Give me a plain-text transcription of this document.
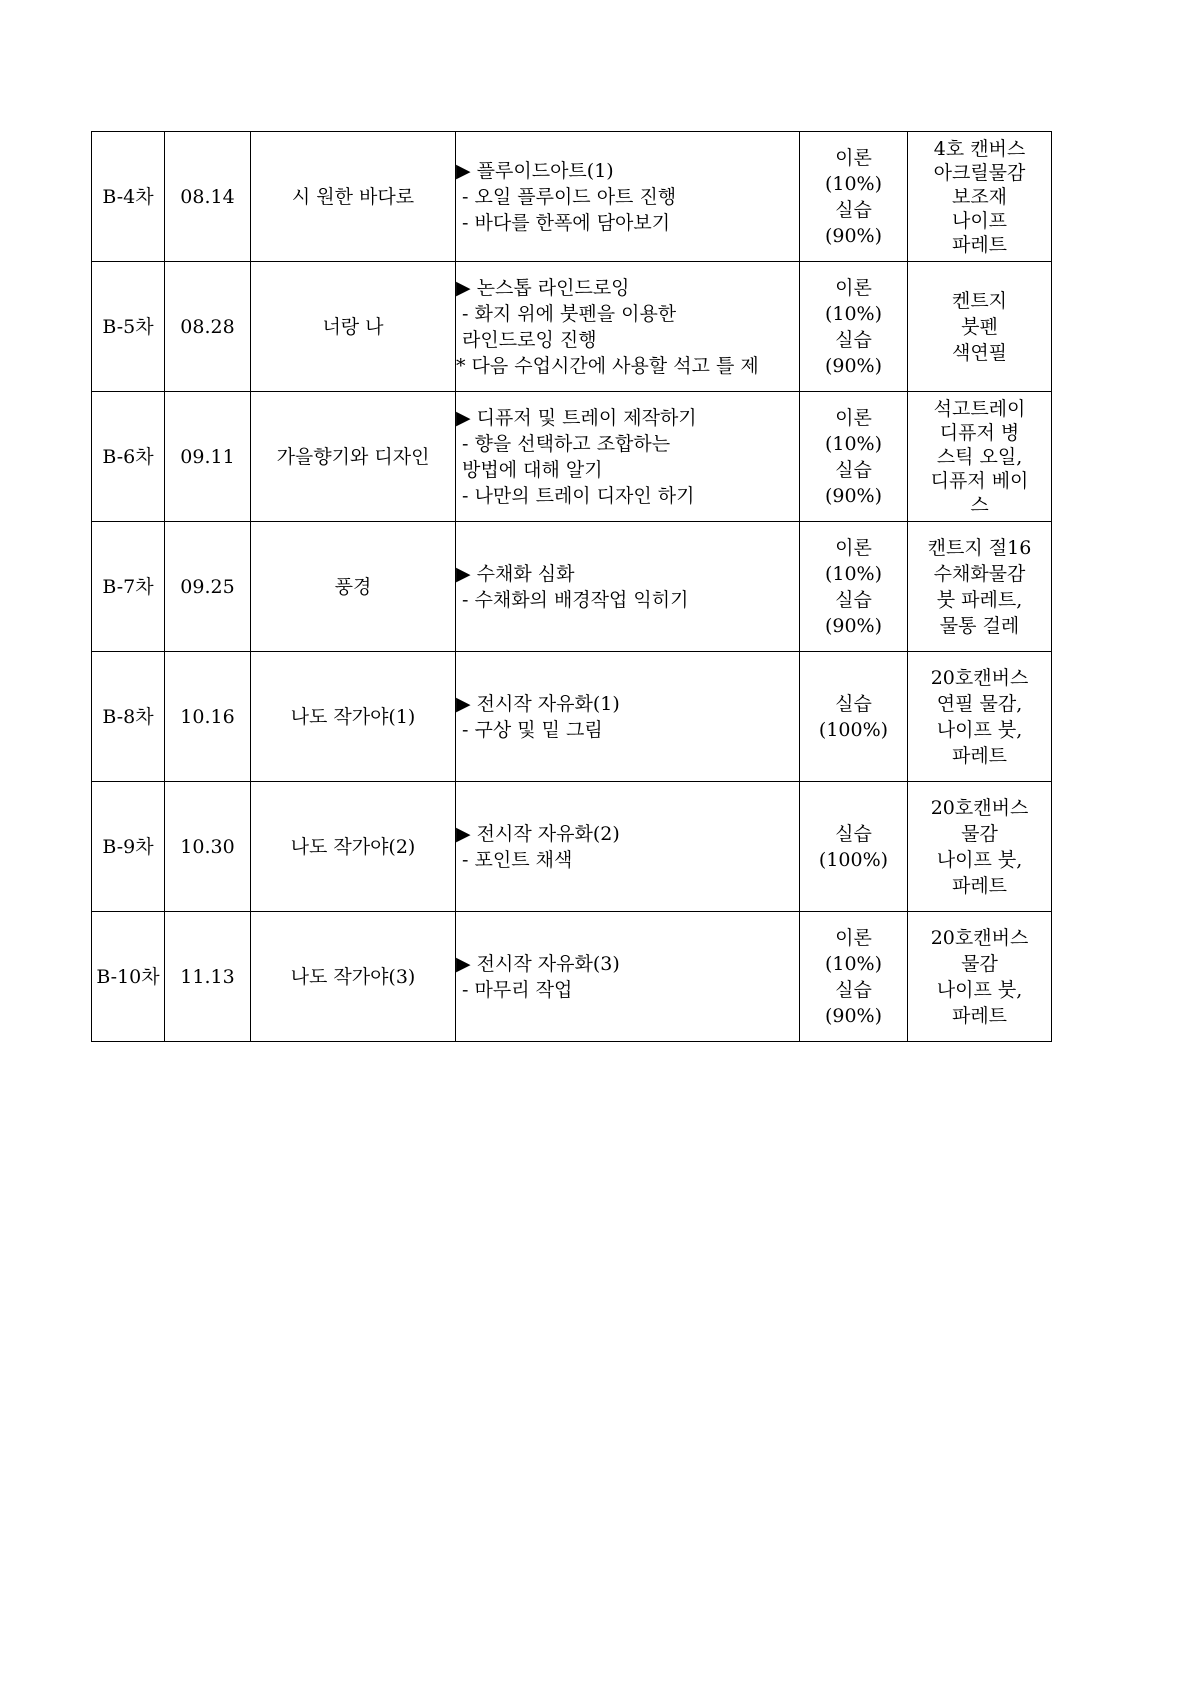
B-4차	08.14	시 원한 바다로	▶ 플루이드아트(1)
- 오일 플루이드 아트 진행
- 바다를 한폭에 담아보기	이론
(10%)
실습
(90%)	4호 캔버스
아크릴물감
보조재
나이프
파레트

B-5차	08.28	너랑 나	▶ 논스톱 라인드로잉
- 화지 위에 붓펜을 이용한
라인드로잉 진행
* 다음 수업시간에 사용할 석고 틀 제	이론
(10%)
실습
(90%)	켄트지
붓펜
색연필

B-6차	09.11	가을향기와 디자인	▶ 디퓨저 및 트레이 제작하기
- 향을 선택하고 조합하는
방법에 대해 알기
- 나만의 트레이 디자인 하기	이론
(10%)
실습
(90%)	석고트레이
디퓨저 병
스틱 오일,
디퓨저 베이
스

B-7차	09.25	풍경	▶ 수채화 심화
- 수채화의 배경작업 익히기	이론
(10%)
실습
(90%)	캔트지 절16
수채화물감
붓 파레트,
물통 걸레

B-8차	10.16	나도 작가야(1)	▶ 전시작 자유화(1)
- 구상 및 밑 그림	실습
(100%)	20호캔버스
연필 물감,
나이프 붓,
파레트

B-9차	10.30	나도 작가야(2)	▶ 전시작 자유화(2)
- 포인트 채색	실습
(100%)	20호캔버스
물감
나이프 붓,
파레트

B-10차	11.13	나도 작가야(3)	▶ 전시작 자유화(3)
- 마무리 작업	이론
(10%)
실습
(90%)	20호캔버스
물감
나이프 붓,
파레트
